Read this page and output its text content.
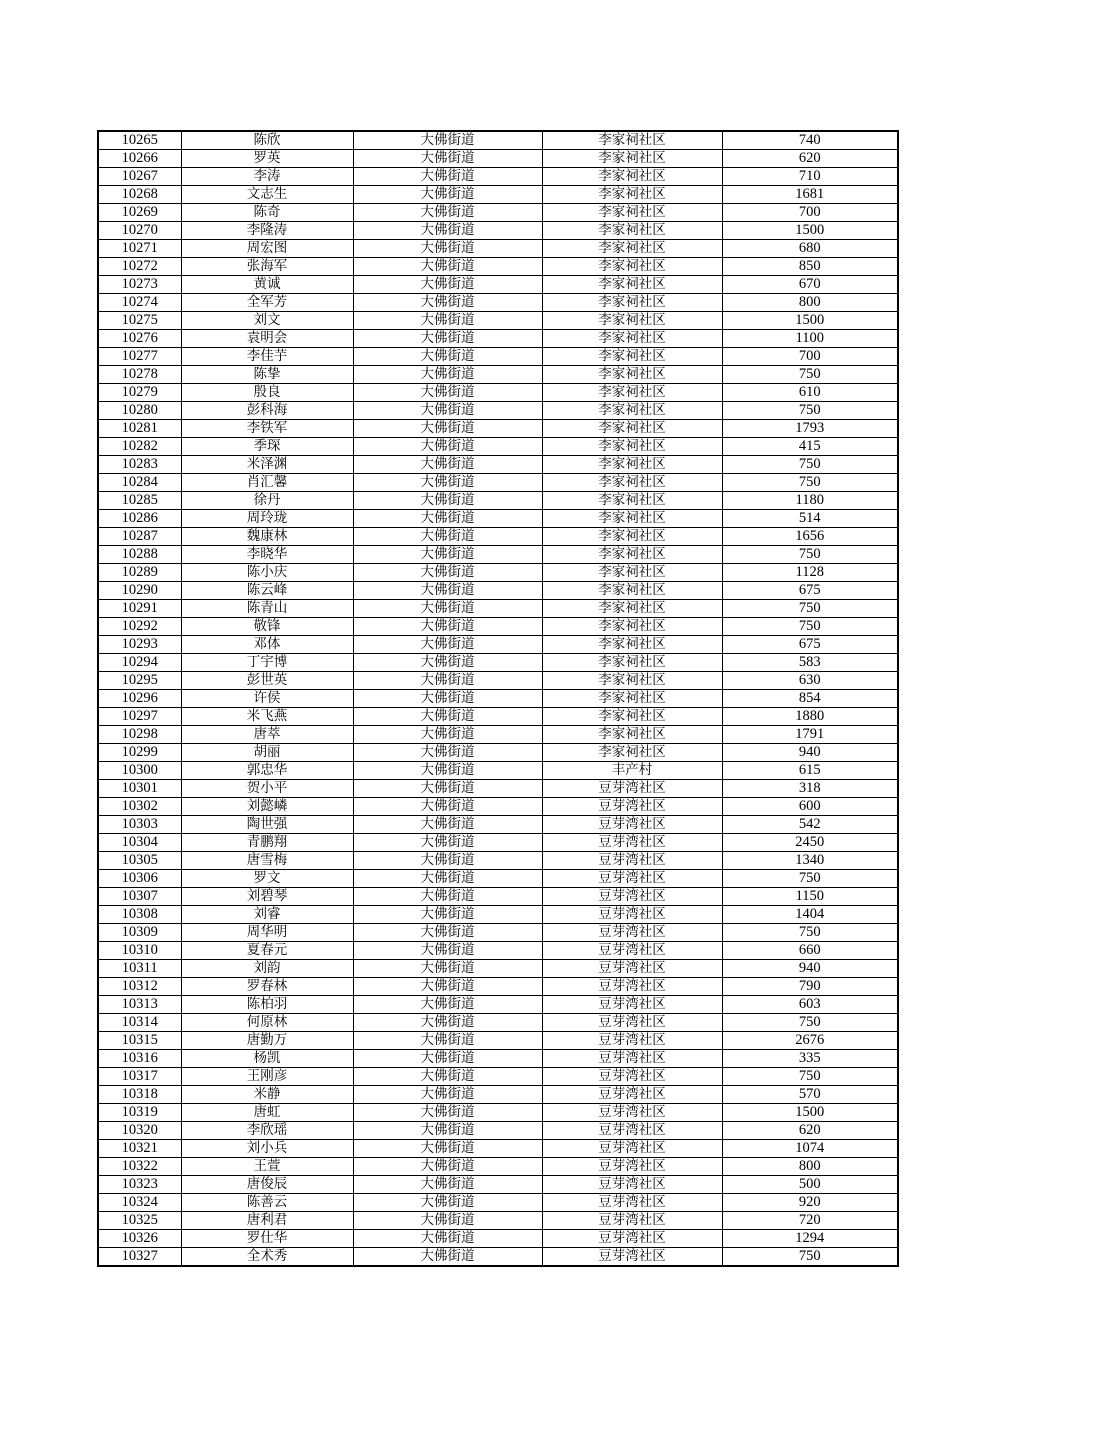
10265	陈欣	大佛街道	李家祠社区	740
10266	罗英	大佛街道	李家祠社区	620
10267	李涛	大佛街道	李家祠社区	710
10268	文志生	大佛街道	李家祠社区	1681
10269	陈奇	大佛街道	李家祠社区	700
10270	李隆涛	大佛街道	李家祠社区	1500
10271	周宏图	大佛街道	李家祠社区	680
10272	张海军	大佛街道	李家祠社区	850
10273	黄诚	大佛街道	李家祠社区	670
10274	全军芳	大佛街道	李家祠社区	800
10275	刘文	大佛街道	李家祠社区	1500
10276	袁明会	大佛街道	李家祠社区	1100
10277	李佳芋	大佛街道	李家祠社区	700
10278	陈挚	大佛街道	李家祠社区	750
10279	殷良	大佛街道	李家祠社区	610
10280	彭科海	大佛街道	李家祠社区	750
10281	李铁军	大佛街道	李家祠社区	1793
10282	季琛	大佛街道	李家祠社区	415
10283	米泽渊	大佛街道	李家祠社区	750
10284	肖汇馨	大佛街道	李家祠社区	750
10285	徐丹	大佛街道	李家祠社区	1180
10286	周玲珑	大佛街道	李家祠社区	514
10287	魏康林	大佛街道	李家祠社区	1656
10288	李晓华	大佛街道	李家祠社区	750
10289	陈小庆	大佛街道	李家祠社区	1128
10290	陈云峰	大佛街道	李家祠社区	675
10291	陈青山	大佛街道	李家祠社区	750
10292	敬锋	大佛街道	李家祠社区	750
10293	邓体	大佛街道	李家祠社区	675
10294	丁宇博	大佛街道	李家祠社区	583
10295	彭世英	大佛街道	李家祠社区	630
10296	许侯	大佛街道	李家祠社区	854
10297	米飞燕	大佛街道	李家祠社区	1880
10298	唐萃	大佛街道	李家祠社区	1791
10299	胡丽	大佛街道	李家祠社区	940
10300	郭忠华	大佛街道	丰产村	615
10301	贺小平	大佛街道	豆芽湾社区	318
10302	刘懿嶙	大佛街道	豆芽湾社区	600
10303	陶世强	大佛街道	豆芽湾社区	542
10304	青鹏翔	大佛街道	豆芽湾社区	2450
10305	唐雪梅	大佛街道	豆芽湾社区	1340
10306	罗文	大佛街道	豆芽湾社区	750
10307	刘碧琴	大佛街道	豆芽湾社区	1150
10308	刘睿	大佛街道	豆芽湾社区	1404
10309	周华明	大佛街道	豆芽湾社区	750
10310	夏春元	大佛街道	豆芽湾社区	660
10311	刘韵	大佛街道	豆芽湾社区	940
10312	罗春林	大佛街道	豆芽湾社区	790
10313	陈柏羽	大佛街道	豆芽湾社区	603
10314	何原林	大佛街道	豆芽湾社区	750
10315	唐勤万	大佛街道	豆芽湾社区	2676
10316	杨凯	大佛街道	豆芽湾社区	335
10317	王刚彦	大佛街道	豆芽湾社区	750
10318	米静	大佛街道	豆芽湾社区	570
10319	唐虹	大佛街道	豆芽湾社区	1500
10320	李欣瑶	大佛街道	豆芽湾社区	620
10321	刘小兵	大佛街道	豆芽湾社区	1074
10322	王萱	大佛街道	豆芽湾社区	800
10323	唐俊辰	大佛街道	豆芽湾社区	500
10324	陈善云	大佛街道	豆芽湾社区	920
10325	唐利君	大佛街道	豆芽湾社区	720
10326	罗仕华	大佛街道	豆芽湾社区	1294
10327	全术秀	大佛街道	豆芽湾社区	750
